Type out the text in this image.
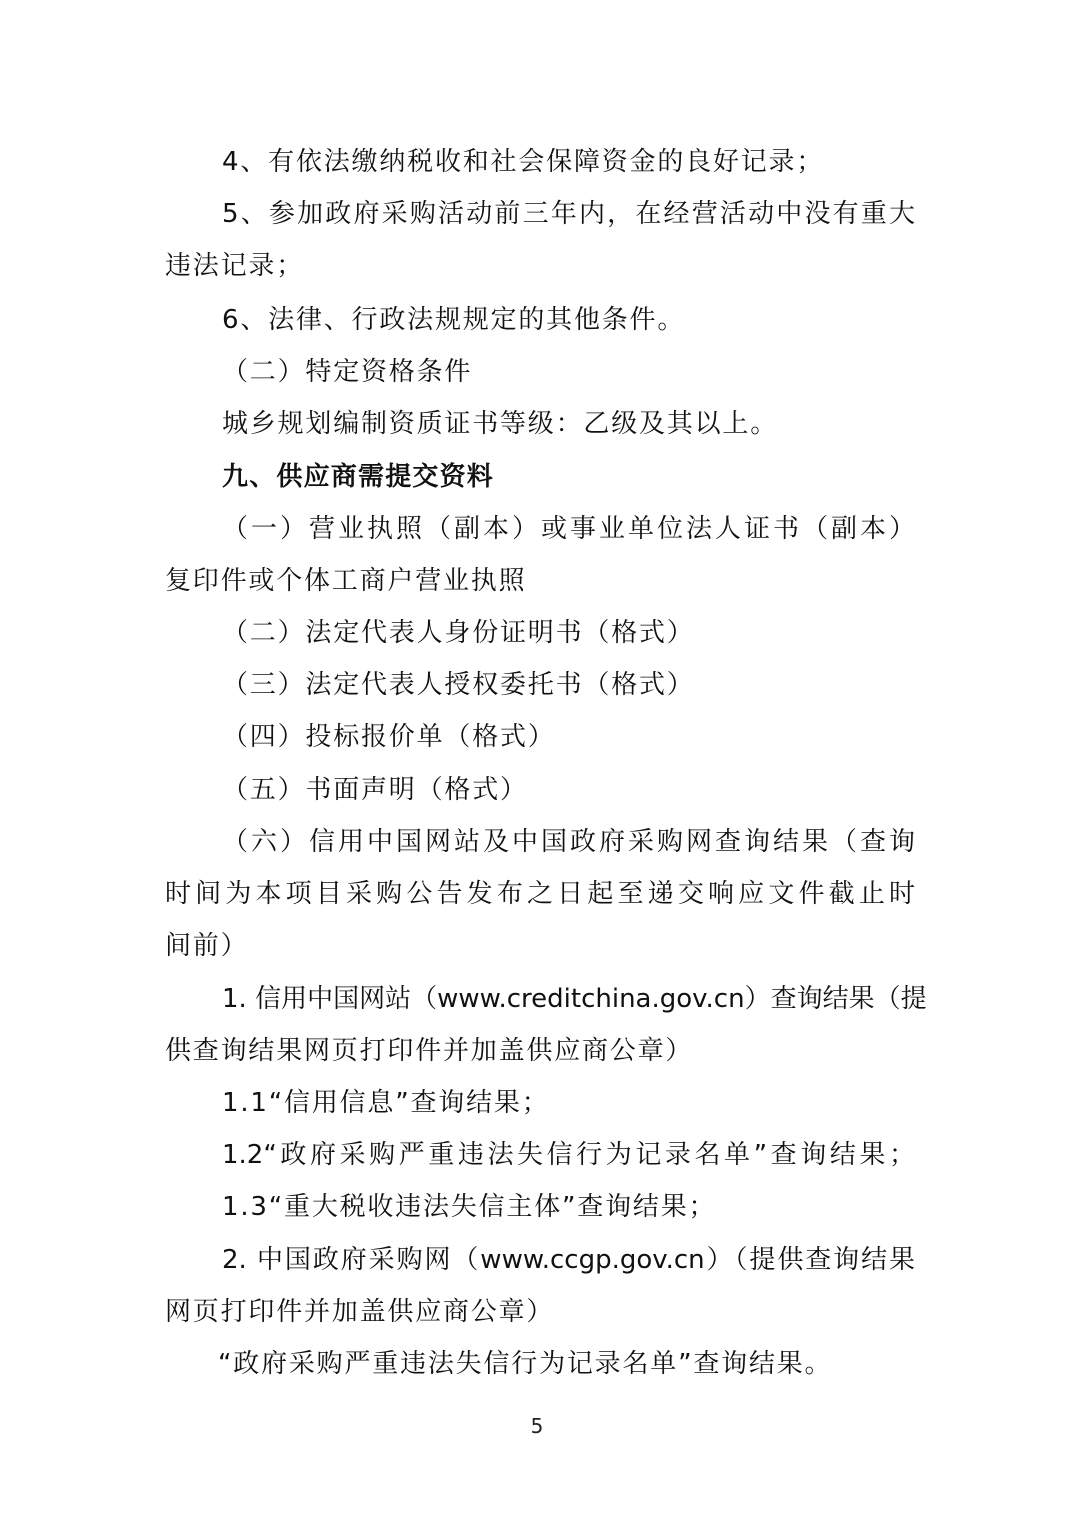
4、有依法缴纳税收和社会保障资金的良好记录；
5、参加政府采购活动前三年内，在经营活动中没有重大
违法记录；
6、法律、行政法规规定的其他条件。
（二）特定资格条件
城乡规划编制资质证书等级：乙级及其以上。
九、供应商需提交资料
（一）营业执照（副本）或事业单位法人证书（副本）
复印件或个体工商户营业执照
（二）法定代表人身份证明书（格式）
（三）法定代表人授权委托书（格式）
（四）投标报价单（格式）
（五）书面声明（格式）
（六）信用中国网站及中国政府采购网查询结果（查询
时间为本项目采购公告发布之日起至递交响应文件截止时
间前）
1. 信用中国网站（www.creditchina.gov.cn）查询结果（提
供查询结果网页打印件并加盖供应商公章）
1.1“信用信息”查询结果；
1.2“政府采购严重违法失信行为记录名单”查询结果；
1.3“重大税收违法失信主体”查询结果；
2. 中国政府采购网（www.ccgp.gov.cn）（提供查询结果
网页打印件并加盖供应商公章）
“政府采购严重违法失信行为记录名单”查询结果。
5
